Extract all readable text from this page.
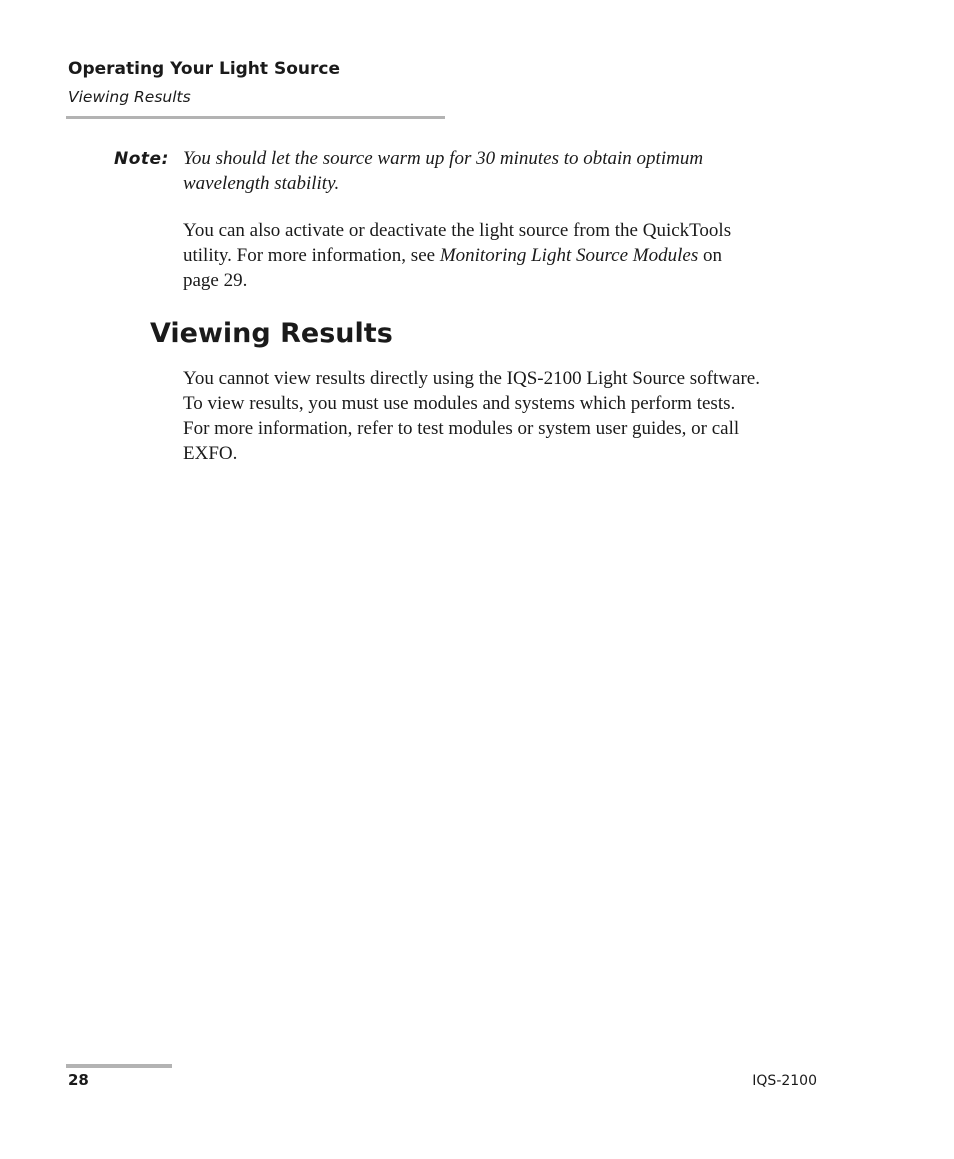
Operating Your Light Source
Viewing Results
Note: You should let the source warm up for 30 minutes to obtain optimum
wavelength stability.
You can also activate or deactivate the light source from the QuickTools
utility. For more information, see Monitoring Light Source Modules on
page 29.
Viewing Results
You cannot view results directly using the IQS-2100 Light Source software.
To view results, you must use modules and systems which perform tests.
For more information, refer to test modules or system user guides, or call
EXFO.
28	IQS-2100
